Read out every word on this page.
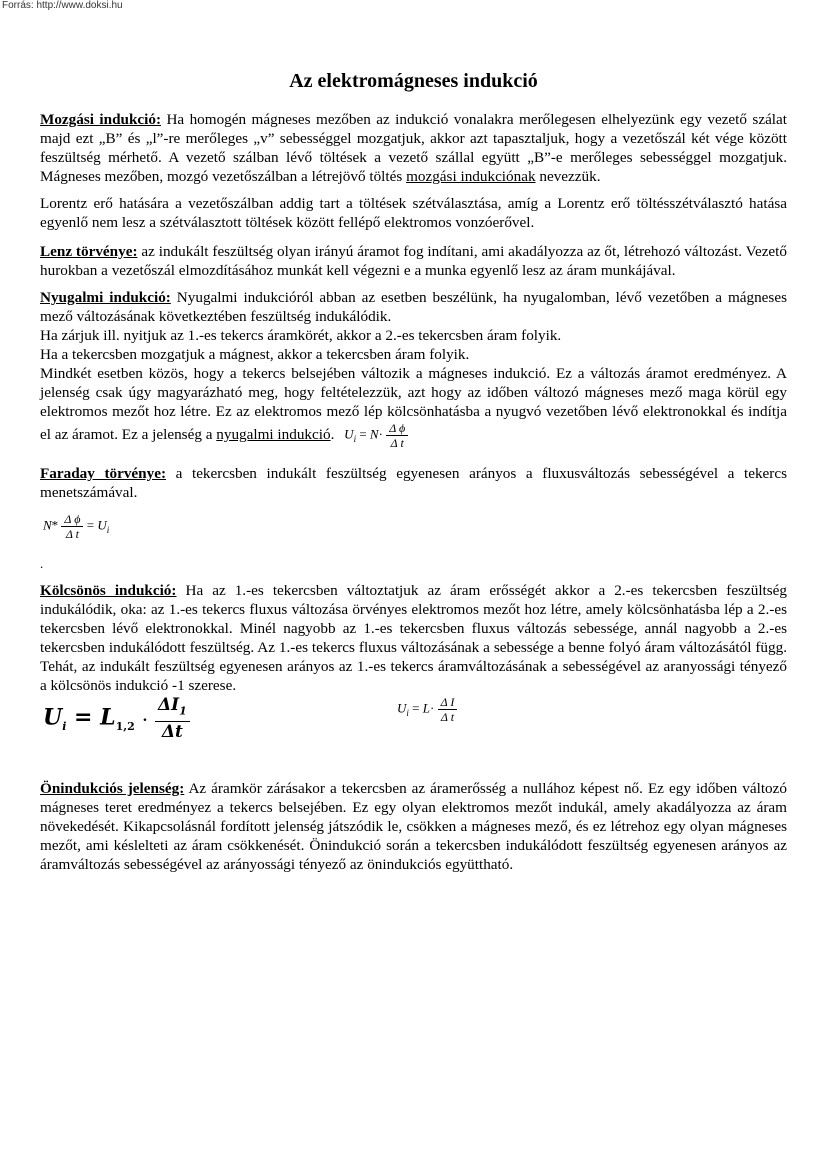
Forrás: http://www.doksi.hu
Az elektromágneses indukció

Mozgási indukció: Ha homogén mágneses mezőben az indukció vonalakra merőlegesen elhelyezünk egy vezető szálat majd ezt „B” és „l”-re merőleges „v” sebességgel mozgatjuk, akkor azt tapasztaljuk, hogy a vezetőszál két vége között feszültség mérhető. A vezető szálban lévő töltések a vezető szállal együtt „B”-e merőleges sebességgel mozgatjuk. Mágneses mezőben, mozgó vezetőszálban a létrejövő töltés mozgási indukciónak nevezzük.

Lorentz erő hatására a vezetőszálban addig tart a töltések szétválasztása, amíg a Lorentz erő töltésszétválasztó hatása egyenlő nem lesz a szétválasztott töltések között fellépő elektromos vonzóerővel.

Lenz törvénye: az indukált feszültség olyan irányú áramot fog indítani, ami akadályozza az őt, létrehozó változást. Vezető hurokban a vezetőszál elmozdításához munkát kell végezni e a munka egyenlő lesz az áram munkájával.

Nyugalmi indukció: Nyugalmi indukcióról abban az esetben beszélünk, ha nyugalomban, lévő vezetőben a mágneses mező változásának következtében feszültség indukálódik.
Ha zárjuk ill. nyitjuk az 1.-es tekercs áramkörét, akkor a 2.-es tekercsben áram folyik.
Ha a tekercsben mozgatjuk a mágnest, akkor a tekercsben áram folyik.
Mindkét esetben közös, hogy a tekercs belsejében változik a mágneses indukció. Ez a változás áramot eredményez. A jelenség csak úgy magyarázható meg, hogy feltételezzük, azt hogy az időben változó mágneses mező maga körül egy elektromos mezőt hoz létre. Ez az elektromos mező lép kölcsönhatásba a nyugvó vezetőben lévő elektronokkal és indítja el az áramot. Ez a jelenség a nyugalmi indukció. $U_i = N\cdot \frac{\text{Δ ϕ}}{\text{Δ t}}$

Faraday törvénye: a tekercsben indukált feszültség egyenesen arányos a fluxusváltozás sebességével a tekercs menetszámával.

$N* \frac{\text{Δ ϕ}}{\text{Δ t}} = U_i$
.

Kölcsönös indukció: Ha az 1.-es tekercsben változtatjuk az áram erősségét akkor a 2.-es tekercsben feszültség indukálódik, oka: az 1.-es tekercs fluxus változása örvényes elektromos mezőt hoz létre, amely kölcsönhatásba lép a 2.-es tekercsben lévő elektronokkal. Minél nagyobb az 1.-es tekercsben fluxus változás sebessége, annál nagyobb a 2.-es tekercsben indukálódott feszültség. Az 1.-es tekercs fluxus változásának a sebessége a benne folyó áram változásától függ. Tehát, az indukált feszültség egyenesen arányos az 1.-es tekercs áramváltozásának a sebességével az aranyossági tényező a kölcsönös indukció -1 szerese.

$U_i = L_{1,2} \cdot \frac{\Delta I_1}{\Delta t}$	$U_i = L\cdot \frac{\text{Δ I}}{\text{Δ t}}$

Önindukciós jelenség: Az áramkör zárásakor a tekercsben az áramerősség a nullához képest nő. Ez egy időben változó mágneses teret eredményez a tekercs belsejében. Ez egy olyan elektromos mezőt indukál, amely akadályozza az áram növekedését. Kikapcsolásnál fordított jelenség játszódik le, csökken a mágneses mező, és ez létrehoz egy olyan mágneses mezőt, ami késlelteti az áram csökkenését. Önindukció során a tekercsben indukálódott feszültség egyenesen arányos az áramváltozás sebességével az arányossági tényező az önindukciós együttható.
